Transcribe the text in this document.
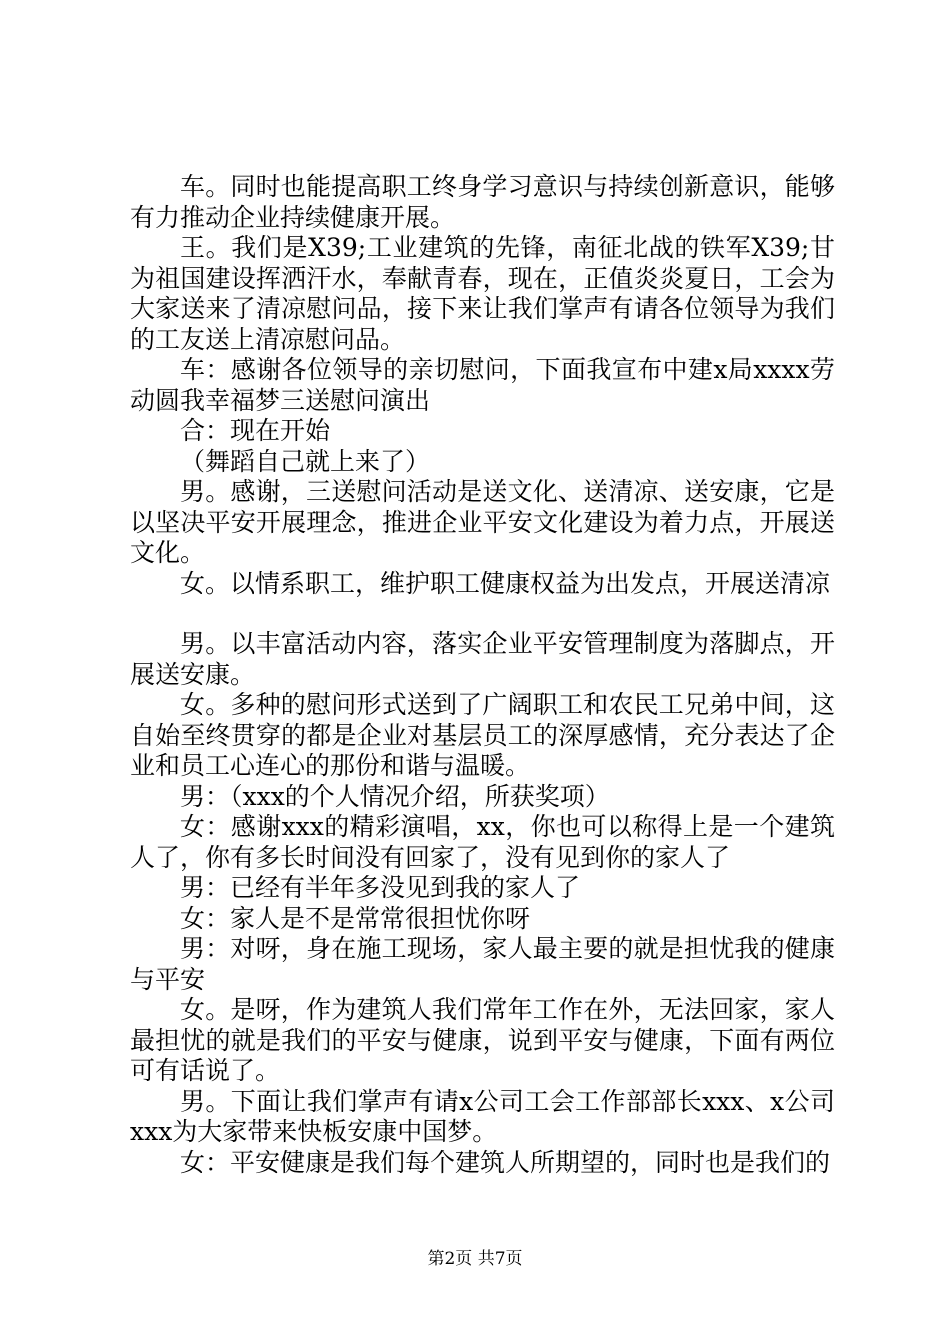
车。同时也能提高职工终身学习意识与持续创新意识，能够有力推动企业持续健康开展。

王。我们是X39;工业建筑的先锋，南征北战的铁军X39;甘为祖国建设挥洒汗水，奉献青春，现在，正值炎炎夏日，工会为大家送来了清凉慰问品，接下来让我们掌声有请各位领导为我们的工友送上清凉慰问品。

车：感谢各位领导的亲切慰问，下面我宣布中建x局xxxx劳动圆我幸福梦三送慰问演出

合：现在开始

（舞蹈自己就上来了）

男。感谢，三送慰问活动是送文化、送清凉、送安康，它是以坚决平安开展理念，推进企业平安文化建设为着力点，开展送文化。

女。以情系职工，维护职工健康权益为出发点，开展送清凉

男。以丰富活动内容，落实企业平安管理制度为落脚点，开展送安康。

女。多种的慰问形式送到了广阔职工和农民工兄弟中间，这自始至终贯穿的都是企业对基层员工的深厚感情，充分表达了企业和员工心连心的那份和谐与温暖。

男：（xxx的个人情况介绍，所获奖项）

女：感谢xxx的精彩演唱，xx，你也可以称得上是一个建筑人了，你有多长时间没有回家了，没有见到你的家人了

男：已经有半年多没见到我的家人了

女：家人是不是常常很担忧你呀

男：对呀，身在施工现场，家人最主要的就是担忧我的健康与平安

女。是呀，作为建筑人我们常年工作在外，无法回家，家人最担忧的就是我们的平安与健康，说到平安与健康，下面有两位可有话说了。

男。下面让我们掌声有请x公司工会工作部部长xxx、x公司xxx为大家带来快板安康中国梦。

女：平安健康是我们每个建筑人所期望的，同时也是我们的

第2页 共7页
